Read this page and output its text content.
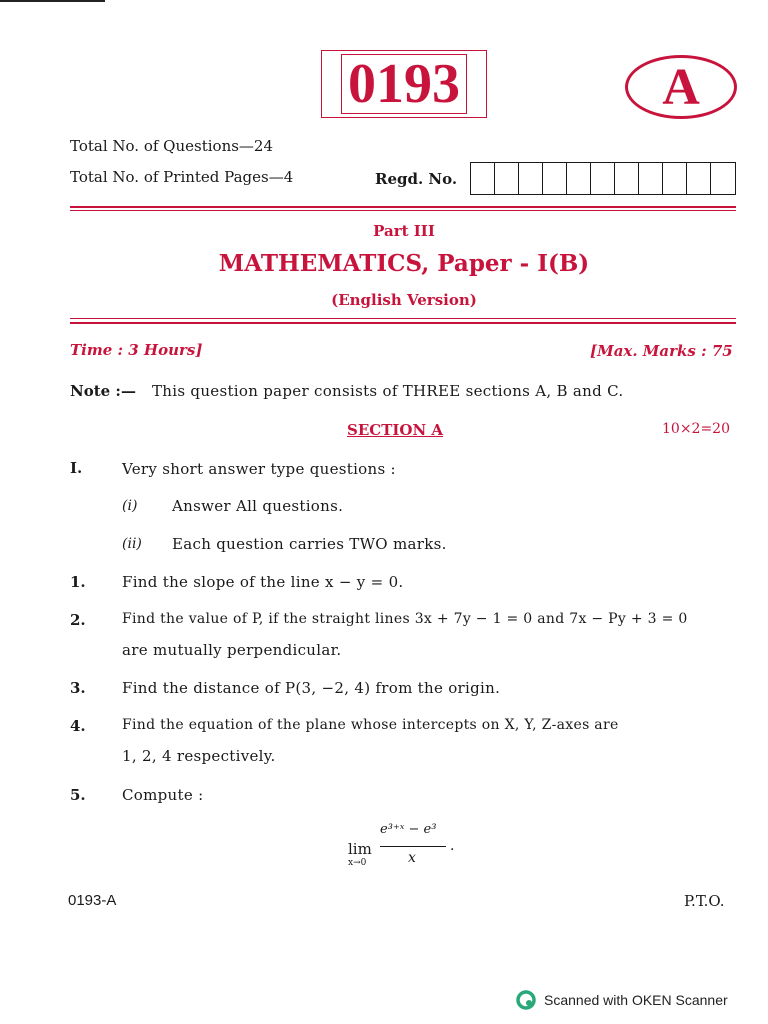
0193	A
Total No. of Questions—24
Total No. of Printed Pages—4	Regd. No.
Part III
MATHEMATICS, Paper - I(B)
(English Version)
Time : 3 Hours]	[Max. Marks : 75
Note :— This question paper consists of THREE sections A, B and C.
SECTION A	10×2=20
I.	Very short answer type questions :
(i) Answer All questions.
(ii) Each question carries TWO marks.
1. Find the slope of the line x − y = 0.
2.	Find the value of P, if the straight lines 3x + 7y − 1 = 0 and 7x − Py + 3 = 0
are mutually perpendicular.
3. Find the distance of P(3, −2, 4) from the origin.
4.	Find the equation of the plane whose intercepts on X, Y, Z-axes are
1, 2, 4 respectively.
5. Compute :
lim
x→0
e³⁺ˣ − e³
x
.
0193-A	P.T.O.
Scanned with OKEN Scanner
